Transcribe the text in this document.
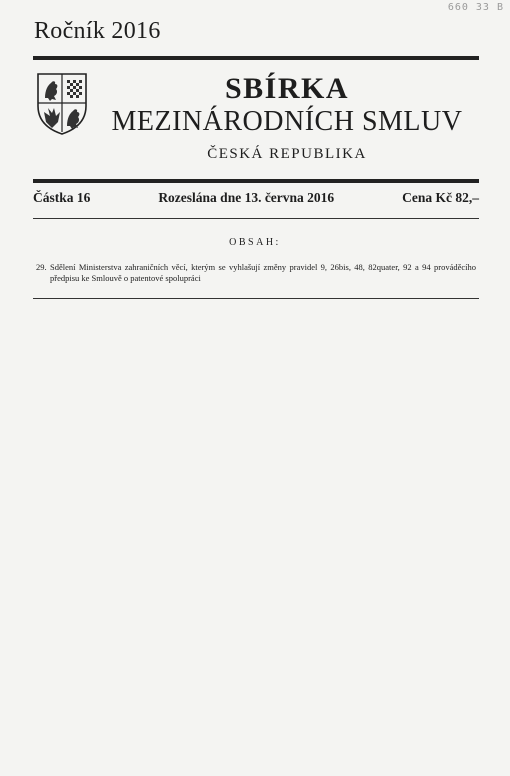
660 33 B
Ročník 2016
SBÍRKA
MEZINÁRODNÍCH SMLUV
ČESKÁ REPUBLIKA
Částka 16	Rozeslána dne 13. června 2016	Cena Kč 82,–
OBSAH:
29. Sdělení Ministerstva zahraničních věcí, kterým se vyhlašují změny pravidel 9, 26bis, 48, 82quater, 92 a 94 prováděcího předpisu ke Smlouvě o patentové spolupráci
